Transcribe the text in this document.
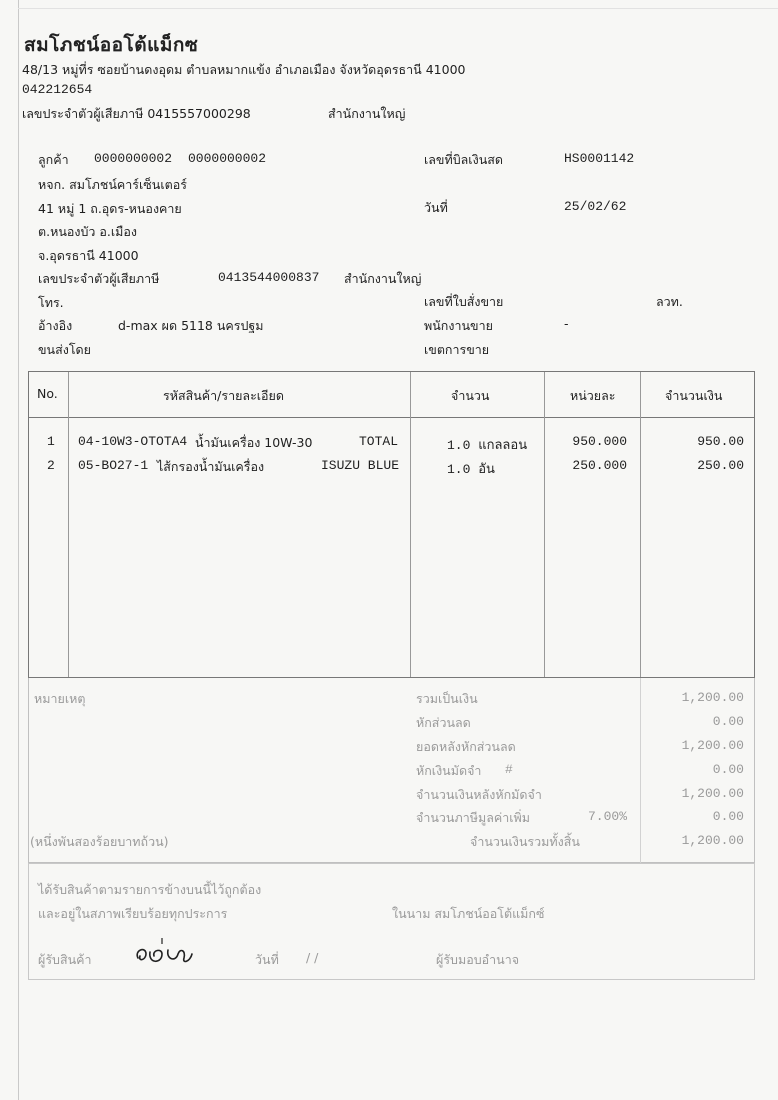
สมโภชน์ออโต้แม็กซ
48/13 หมู่ที่ร ซอยบ้านดงอุดม ตำบลหมากแข้ง อำเภอเมือง จังหวัดอุดรธานี 41000
042212654
เลขประจำตัวผู้เสียภาษี 0415557000298	สำนักงานใหญ่
ลูกค้า 0000000002 0000000002
หจก. สมโภชน์คาร์เซ็นเตอร์
41 หมู่ 1 ถ.อุดร-หนองคาย
ต.หนองบัว อ.เมือง
จ.อุดรธานี 41000
เลขประจำตัวผู้เสียภาษี	0413544000837 สำนักงานใหญ่
โทร.
อ้างอิง	d-max ผด 5118 นครปฐม
ขนส่งโดย
เลขที่บิลเงินสด	HS0001142
วันที่	25/02/62
เลขที่ใบสั่งขาย	ลวท.
พนักงานขาย	-
เขตการขาย
No.	รหัสสินค้า/รายละเอียด	จำนวน	หน่วยละ	จำนวนเงิน
1 04-10W3-OTOTA4 น้ำมันเครื่อง 10W-30	TOTAL	1.0 แกลลอน	950.000	950.00
2 05-BO27-1 ไส้กรองน้ำมันเครื่อง	ISUZU BLUE	1.0 อัน	250.000	250.00
หมายเหตุ
(หนึ่งพันสองร้อยบาทถ้วน)
รวมเป็นเงิน	1,200.00
หักส่วนลด	0.00
ยอดหลังหักส่วนลด	1,200.00
หักเงินมัดจำ #	0.00
จำนวนเงินหลังหักมัดจำ	1,200.00
จำนวนภาษีมูลค่าเพิ่ม	7.00%	0.00
จำนวนเงินรวมทั้งสิ้น	1,200.00
ได้รับสินค้าตามรายการข้างบนนี้ไว้ถูกต้อง
และอยู่ในสภาพเรียบร้อยทุกประการ	ในนาม สมโภชน์ออโต้แม็กซ์
ผู้รับสินค้า	วันที่ / /	ผู้รับมอบอำนาจ
